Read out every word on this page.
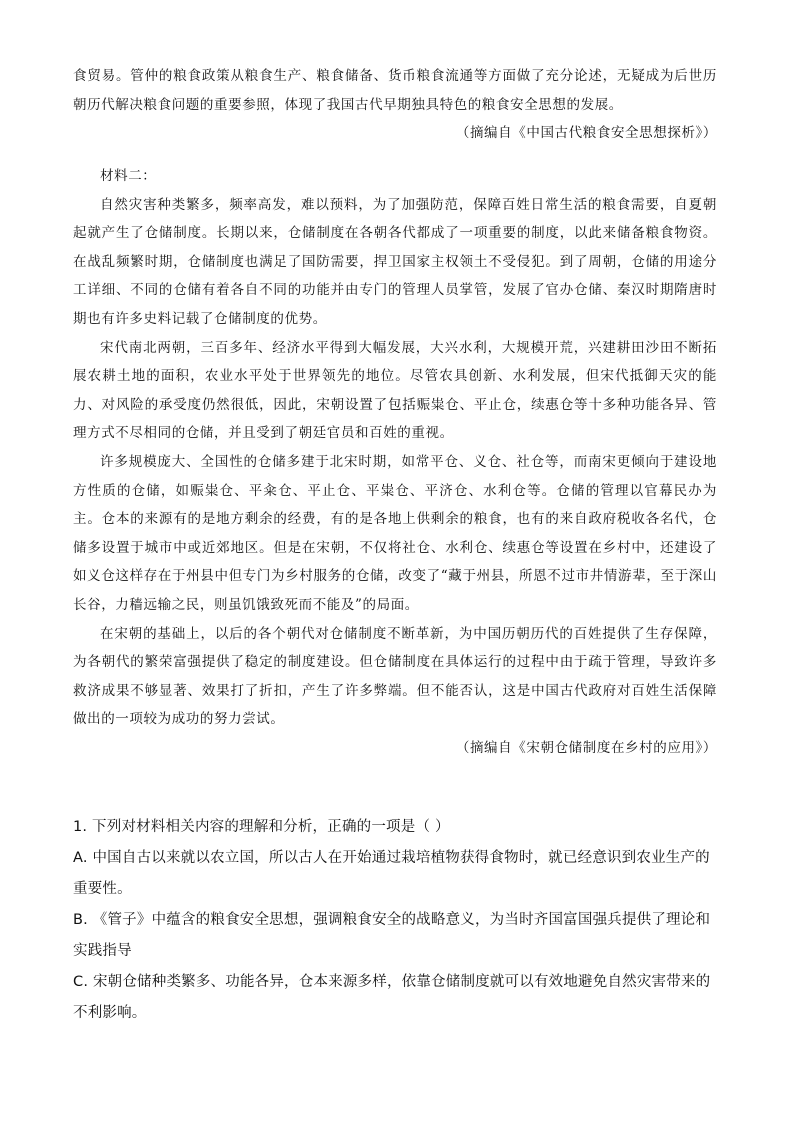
食贸易。管仲的粮食政策从粮食生产、粮食储备、货币粮食流通等方面做了充分论述，无疑成为后世历朝历代解决粮食问题的重要参照，体现了我国古代早期独具特色的粮食安全思想的发展。

（摘编自《中国古代粮食安全思想探析》）

材料二：

自然灾害种类繁多，频率高发，难以预料，为了加强防范，保障百姓日常生活的粮食需要，自夏朝起就产生了仓储制度。长期以来，仓储制度在各朝各代都成了一项重要的制度，以此来储备粮食物资。在战乱频繁时期，仓储制度也满足了国防需要，捍卫国家主权领土不受侵犯。到了周朝，仓储的用途分工详细、不同的仓储有着各自不同的功能并由专门的管理人员掌管，发展了官办仓储、秦汉时期隋唐时期也有许多史料记载了仓储制度的优势。

宋代南北两朝，三百多年、经济水平得到大幅发展，大兴水利，大规模开荒，兴建耕田沙田不断拓展农耕土地的面积，农业水平处于世界领先的地位。尽管农具创新、水利发展，但宋代抵御天灾的能力、对风险的承受度仍然很低，因此，宋朝设置了包括赈粜仓、平止仓，续惠仓等十多种功能各异、管理方式不尽相同的仓储，并且受到了朝廷官员和百姓的重视。

许多规模庞大、全国性的仓储多建于北宋时期，如常平仓、义仓、社仓等，而南宋更倾向于建设地方性质的仓储，如赈粜仓、平籴仓、平止仓、平粜仓、平济仓、水利仓等。仓储的管理以官幕民办为主。仓本的来源有的是地方剩余的经费，有的是各地上供剩余的粮食，也有的来自政府税收各名代，仓储多设置于城市中或近郊地区。但是在宋朝，不仅将社仓、水利仓、续惠仓等设置在乡村中，还建设了如义仓这样存在于州县中但专门为乡村服务的仓储，改变了“藏于州县，所恩不过市井情游辈，至于深山长谷，力穑远输之民，则虽饥饿致死而不能及”的局面。

在宋朝的基础上，以后的各个朝代对仓储制度不断革新，为中国历朝历代的百姓提供了生存保障，为各朝代的繁荣富强提供了稳定的制度建设。但仓储制度在具体运行的过程中由于疏于管理，导致许多救济成果不够显著、效果打了折扣，产生了许多弊端。但不能否认，这是中国古代政府对百姓生活保障做出的一项较为成功的努力尝试。

（摘编自《宋朝仓储制度在乡村的应用》）

1. 下列对材料相关内容的理解和分析，正确的一项是（ ）

A. 中国自古以来就以农立国，所以古人在开始通过栽培植物获得食物时，就已经意识到农业生产的重要性。

B. 《管子》中蕴含的粮食安全思想，强调粮食安全的战略意义，为当时齐国富国强兵提供了理论和实践指导

C. 宋朝仓储种类繁多、功能各异，仓本来源多样，依靠仓储制度就可以有效地避免自然灾害带来的不利影响。
